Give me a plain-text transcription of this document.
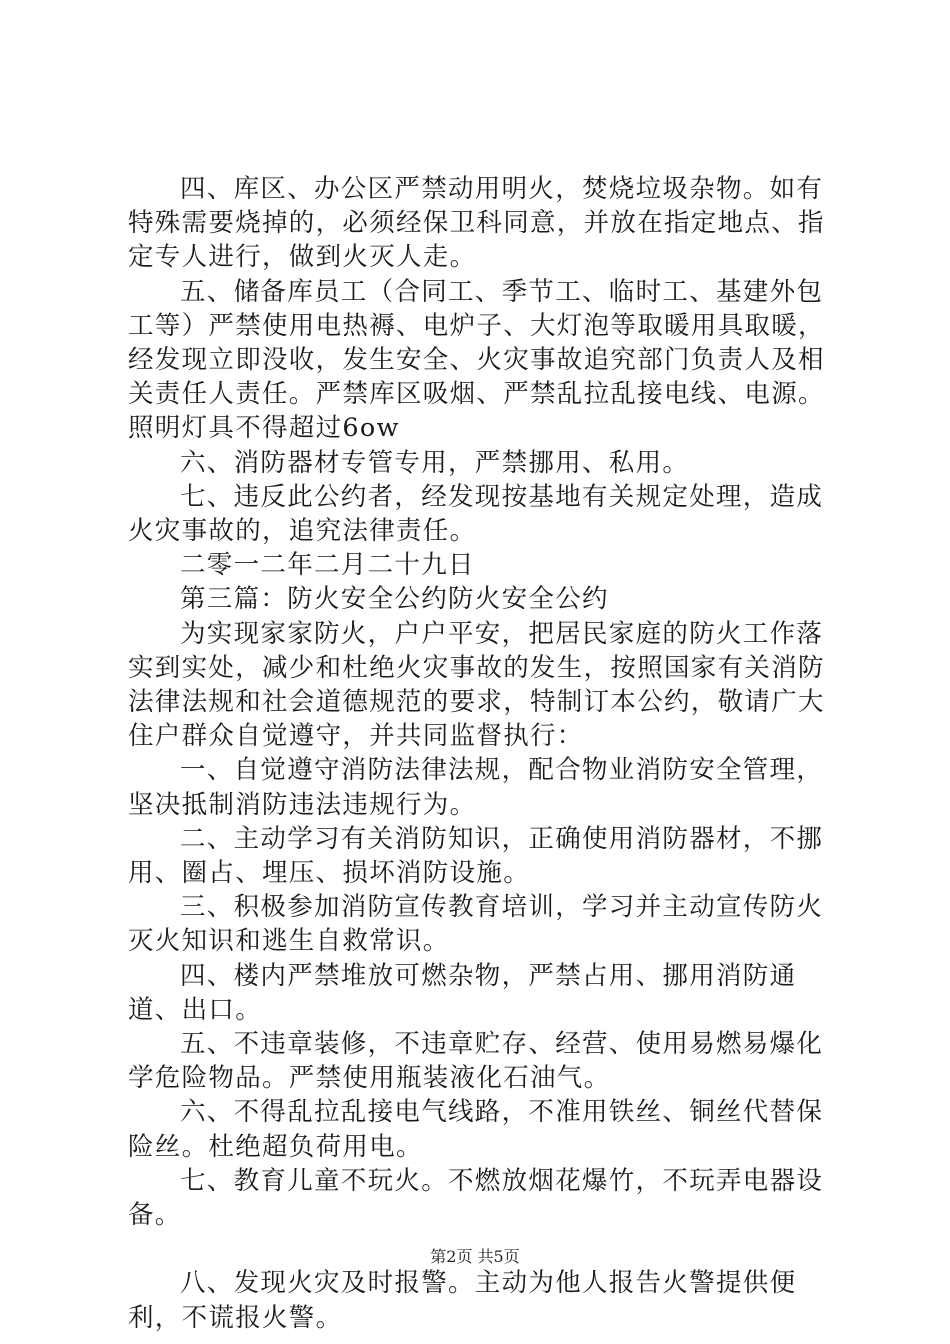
四、库区、办公区严禁动用明火，焚烧垃圾杂物。如有特殊需要烧掉的，必须经保卫科同意，并放在指定地点、指定专人进行，做到火灭人走。

五、储备库员工（合同工、季节工、临时工、基建外包工等）严禁使用电热褥、电炉子、大灯泡等取暖用具取暖，经发现立即没收，发生安全、火灾事故追究部门负责人及相关责任人责任。严禁库区吸烟、严禁乱拉乱接电线、电源。照明灯具不得超过6ow

六、消防器材专管专用，严禁挪用、私用。

七、违反此公约者，经发现按基地有关规定处理，造成火灾事故的，追究法律责任。

二零一二年二月二十九日

第三篇：防火安全公约防火安全公约

为实现家家防火，户户平安，把居民家庭的防火工作落实到实处，减少和杜绝火灾事故的发生，按照国家有关消防法律法规和社会道德规范的要求，特制订本公约，敬请广大住户群众自觉遵守，并共同监督执行：

一、自觉遵守消防法律法规，配合物业消防安全管理，坚决抵制消防违法违规行为。

二、主动学习有关消防知识，正确使用消防器材，不挪用、圈占、埋压、损坏消防设施。

三、积极参加消防宣传教育培训，学习并主动宣传防火灭火知识和逃生自救常识。

四、楼内严禁堆放可燃杂物，严禁占用、挪用消防通道、出口。

五、不违章装修，不违章贮存、经营、使用易燃易爆化学危险物品。严禁使用瓶装液化石油气。

六、不得乱拉乱接电气线路，不准用铁丝、铜丝代替保险丝。杜绝超负荷用电。

七、教育儿童不玩火。不燃放烟花爆竹，不玩弄电器设备。

八、发现火灾及时报警。主动为他人报告火警提供便利，不谎报火警。

第2页 共5页
